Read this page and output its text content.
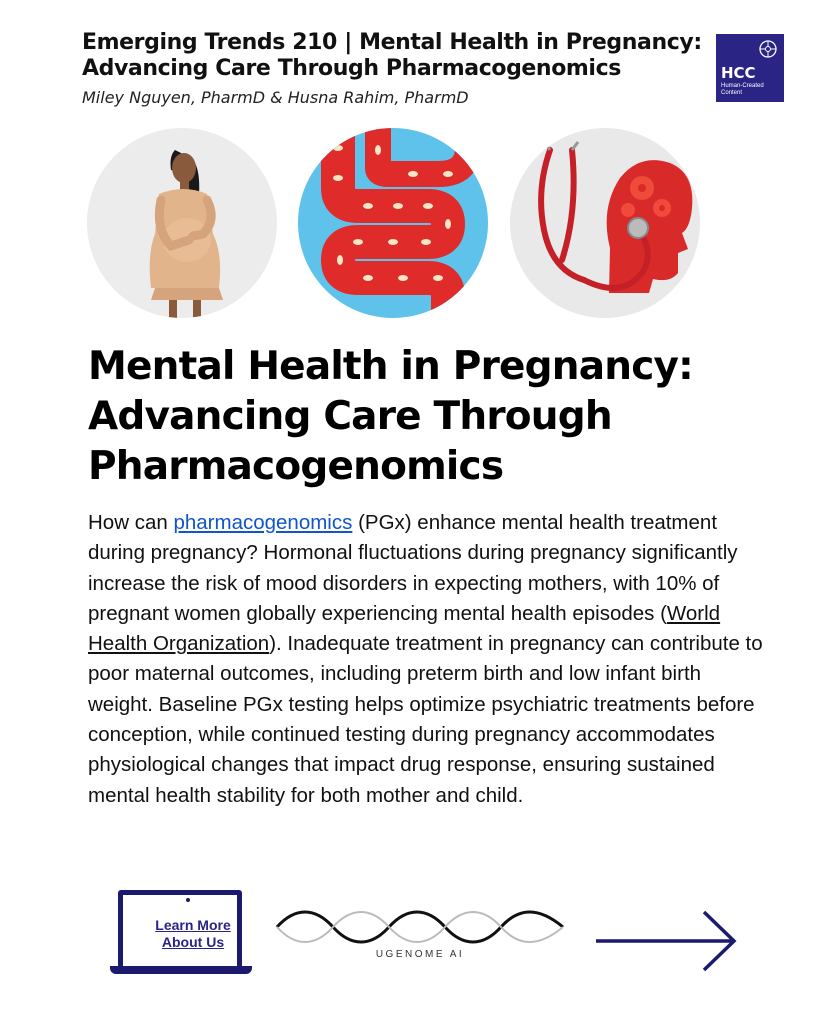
Emerging Trends 210 | Mental Health in Pregnancy: Advancing Care Through Pharmacogenomics
Miley Nguyen, PharmD & Husna Rahim, PharmD
HCC
Human-Created Content
Mental Health in Pregnancy: Advancing Care Through Pharmacogenomics
How can pharmacogenomics (PGx) enhance mental health treatment during pregnancy? Hormonal fluctuations during pregnancy significantly increase the risk of mood disorders in expecting mothers, with 10% of pregnant women globally experiencing mental health episodes (World Health Organization). Inadequate treatment in pregnancy can contribute to poor maternal outcomes, including preterm birth and low infant birth weight. Baseline PGx testing helps optimize psychiatric treatments before conception, while continued testing during pregnancy accommodates physiological changes that impact drug response, ensuring sustained mental health stability for both mother and child.
Learn More About Us
UGENOME AI
